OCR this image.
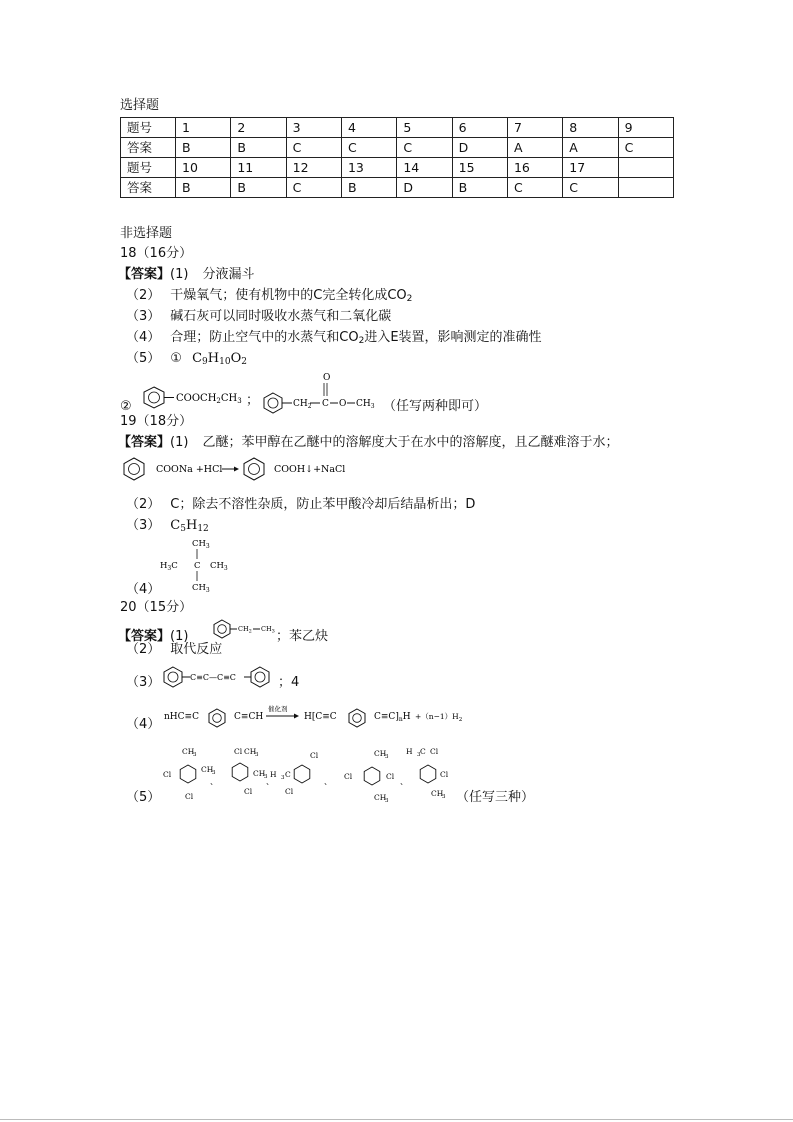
选择题
题号	1	2	3	4	5	6	7	8	9
答案	B	B	C	C	C	D	A	A	C
题号	10	11	12	13	14	15	16	17	
答案	B	B	C	B	D	B	C	C	
非选择题
18（16分）
【答案】(1) 分液漏斗
（2） 干燥氧气；使有机物中的C完全转化成$CO_2$
（3） 碱石灰可以同时吸收水蒸气和二氧化碳
（4） 合理；防止空气中的水蒸气和$CO_2$进入E装置，影响测定的准确性
（5） ① $C_9H_{10}O_2$
②
$COOCH_2CH_3$ ；	$CH_2$ C
O
O $CH_3$ （任写两种即可）
19（18分）
【答案】(1) 乙醚；苯甲醇在乙醚中的溶解度大于在水中的溶解度，且乙醚难溶于水；
COONa +HCl	COOH↓+NaCl
（2） C；除去不溶性杂质，防止苯甲酸冷却后结晶析出；D
（3） $C_5H_{12}$
$CH_3$
$H_3C$ C $CH_3$
$CH_3$
（4）
20（15分）
【答案】(1)	$CH_2$ $CH_3$ ；苯乙炔
（2） 取代反应
（3）	C≡C—C≡C	；4
（4） nHC≡C	C≡CH
催化剂
H[C≡C	$C\equiv C]_nH +(n-1)H_2$
（5）
CH
3
CH
3
Cl
Cl
、
Cl CH
3
CH
3
Cl
、
H 3 C
Cl
Cl
、
Cl
CH
3
Cl
CH
3
、
H 3 C Cl
Cl
CH
3 （任写三种）
